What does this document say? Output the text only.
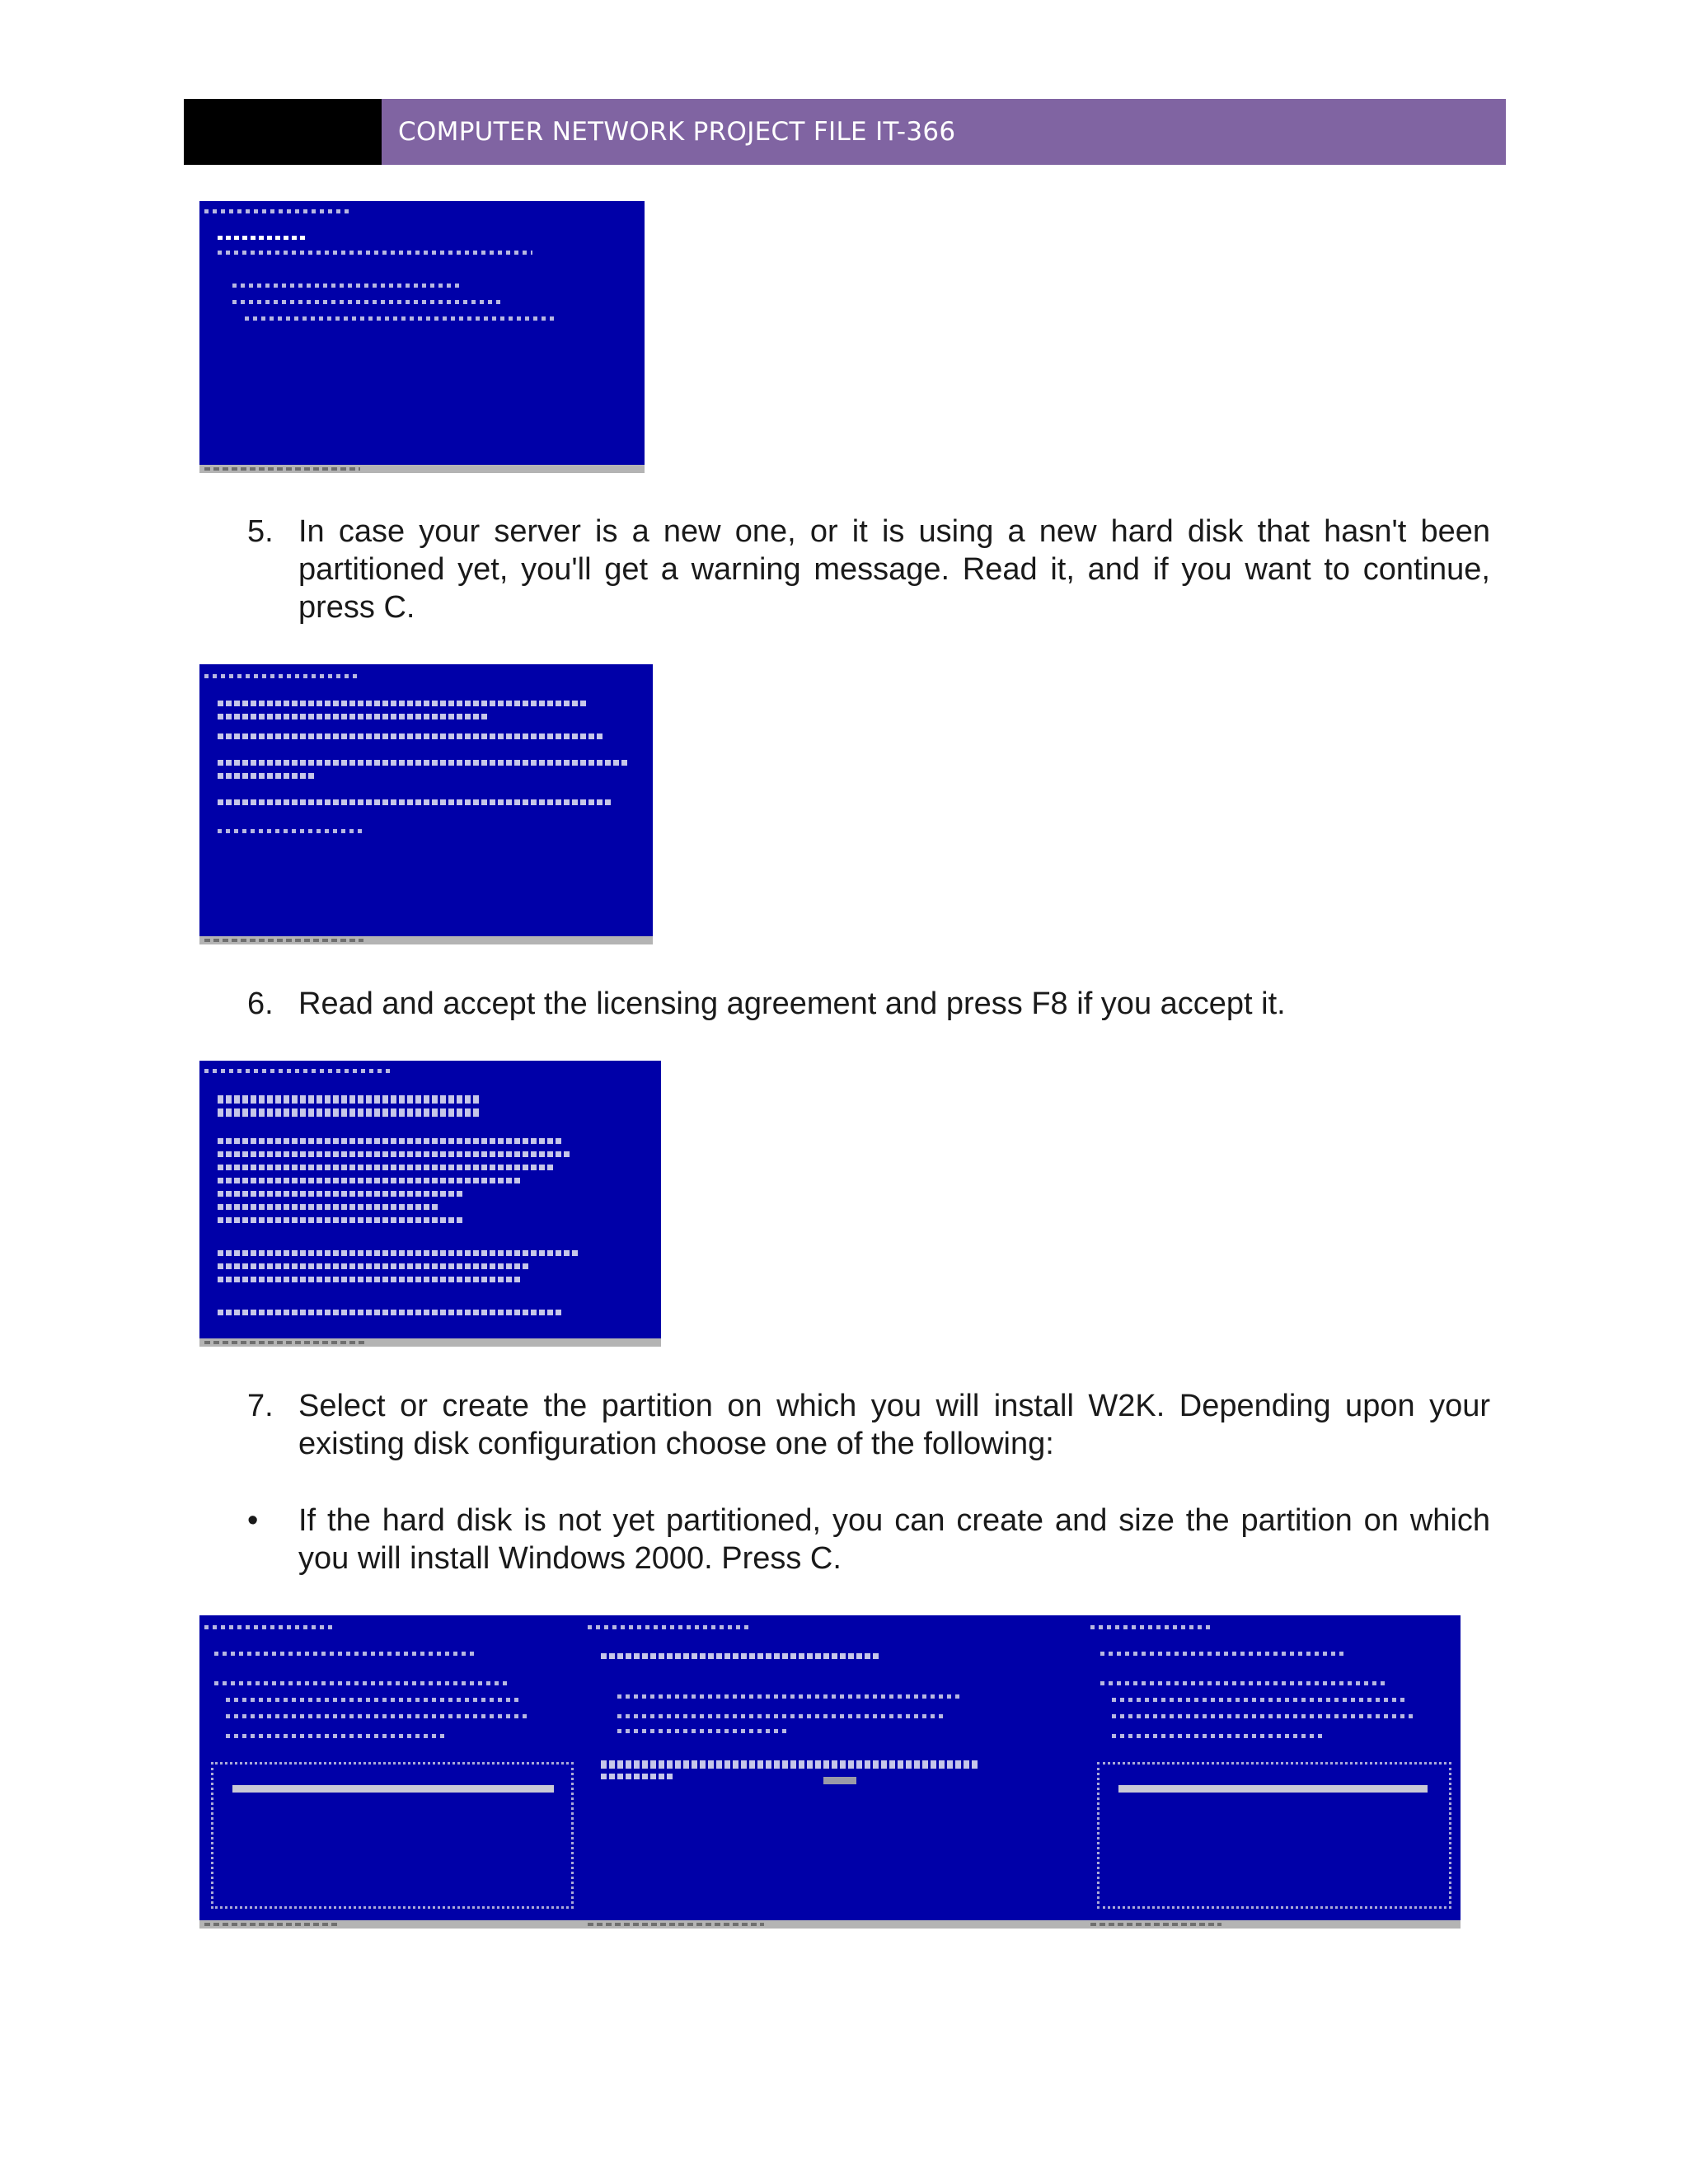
COMPUTER NETWORK PROJECT FILE IT-366
5. In case your server is a new one, or it is using a new hard disk that hasn't been partitioned yet, you'll get a warning message. Read it, and if you want to continue, press C.
6. Read and accept the licensing agreement and press F8 if you accept it.
7. Select or create the partition on which you will install W2K. Depending upon your existing disk configuration choose one of the following:
• If the hard disk is not yet partitioned, you can create and size the partition on which you will install Windows 2000. Press C.
